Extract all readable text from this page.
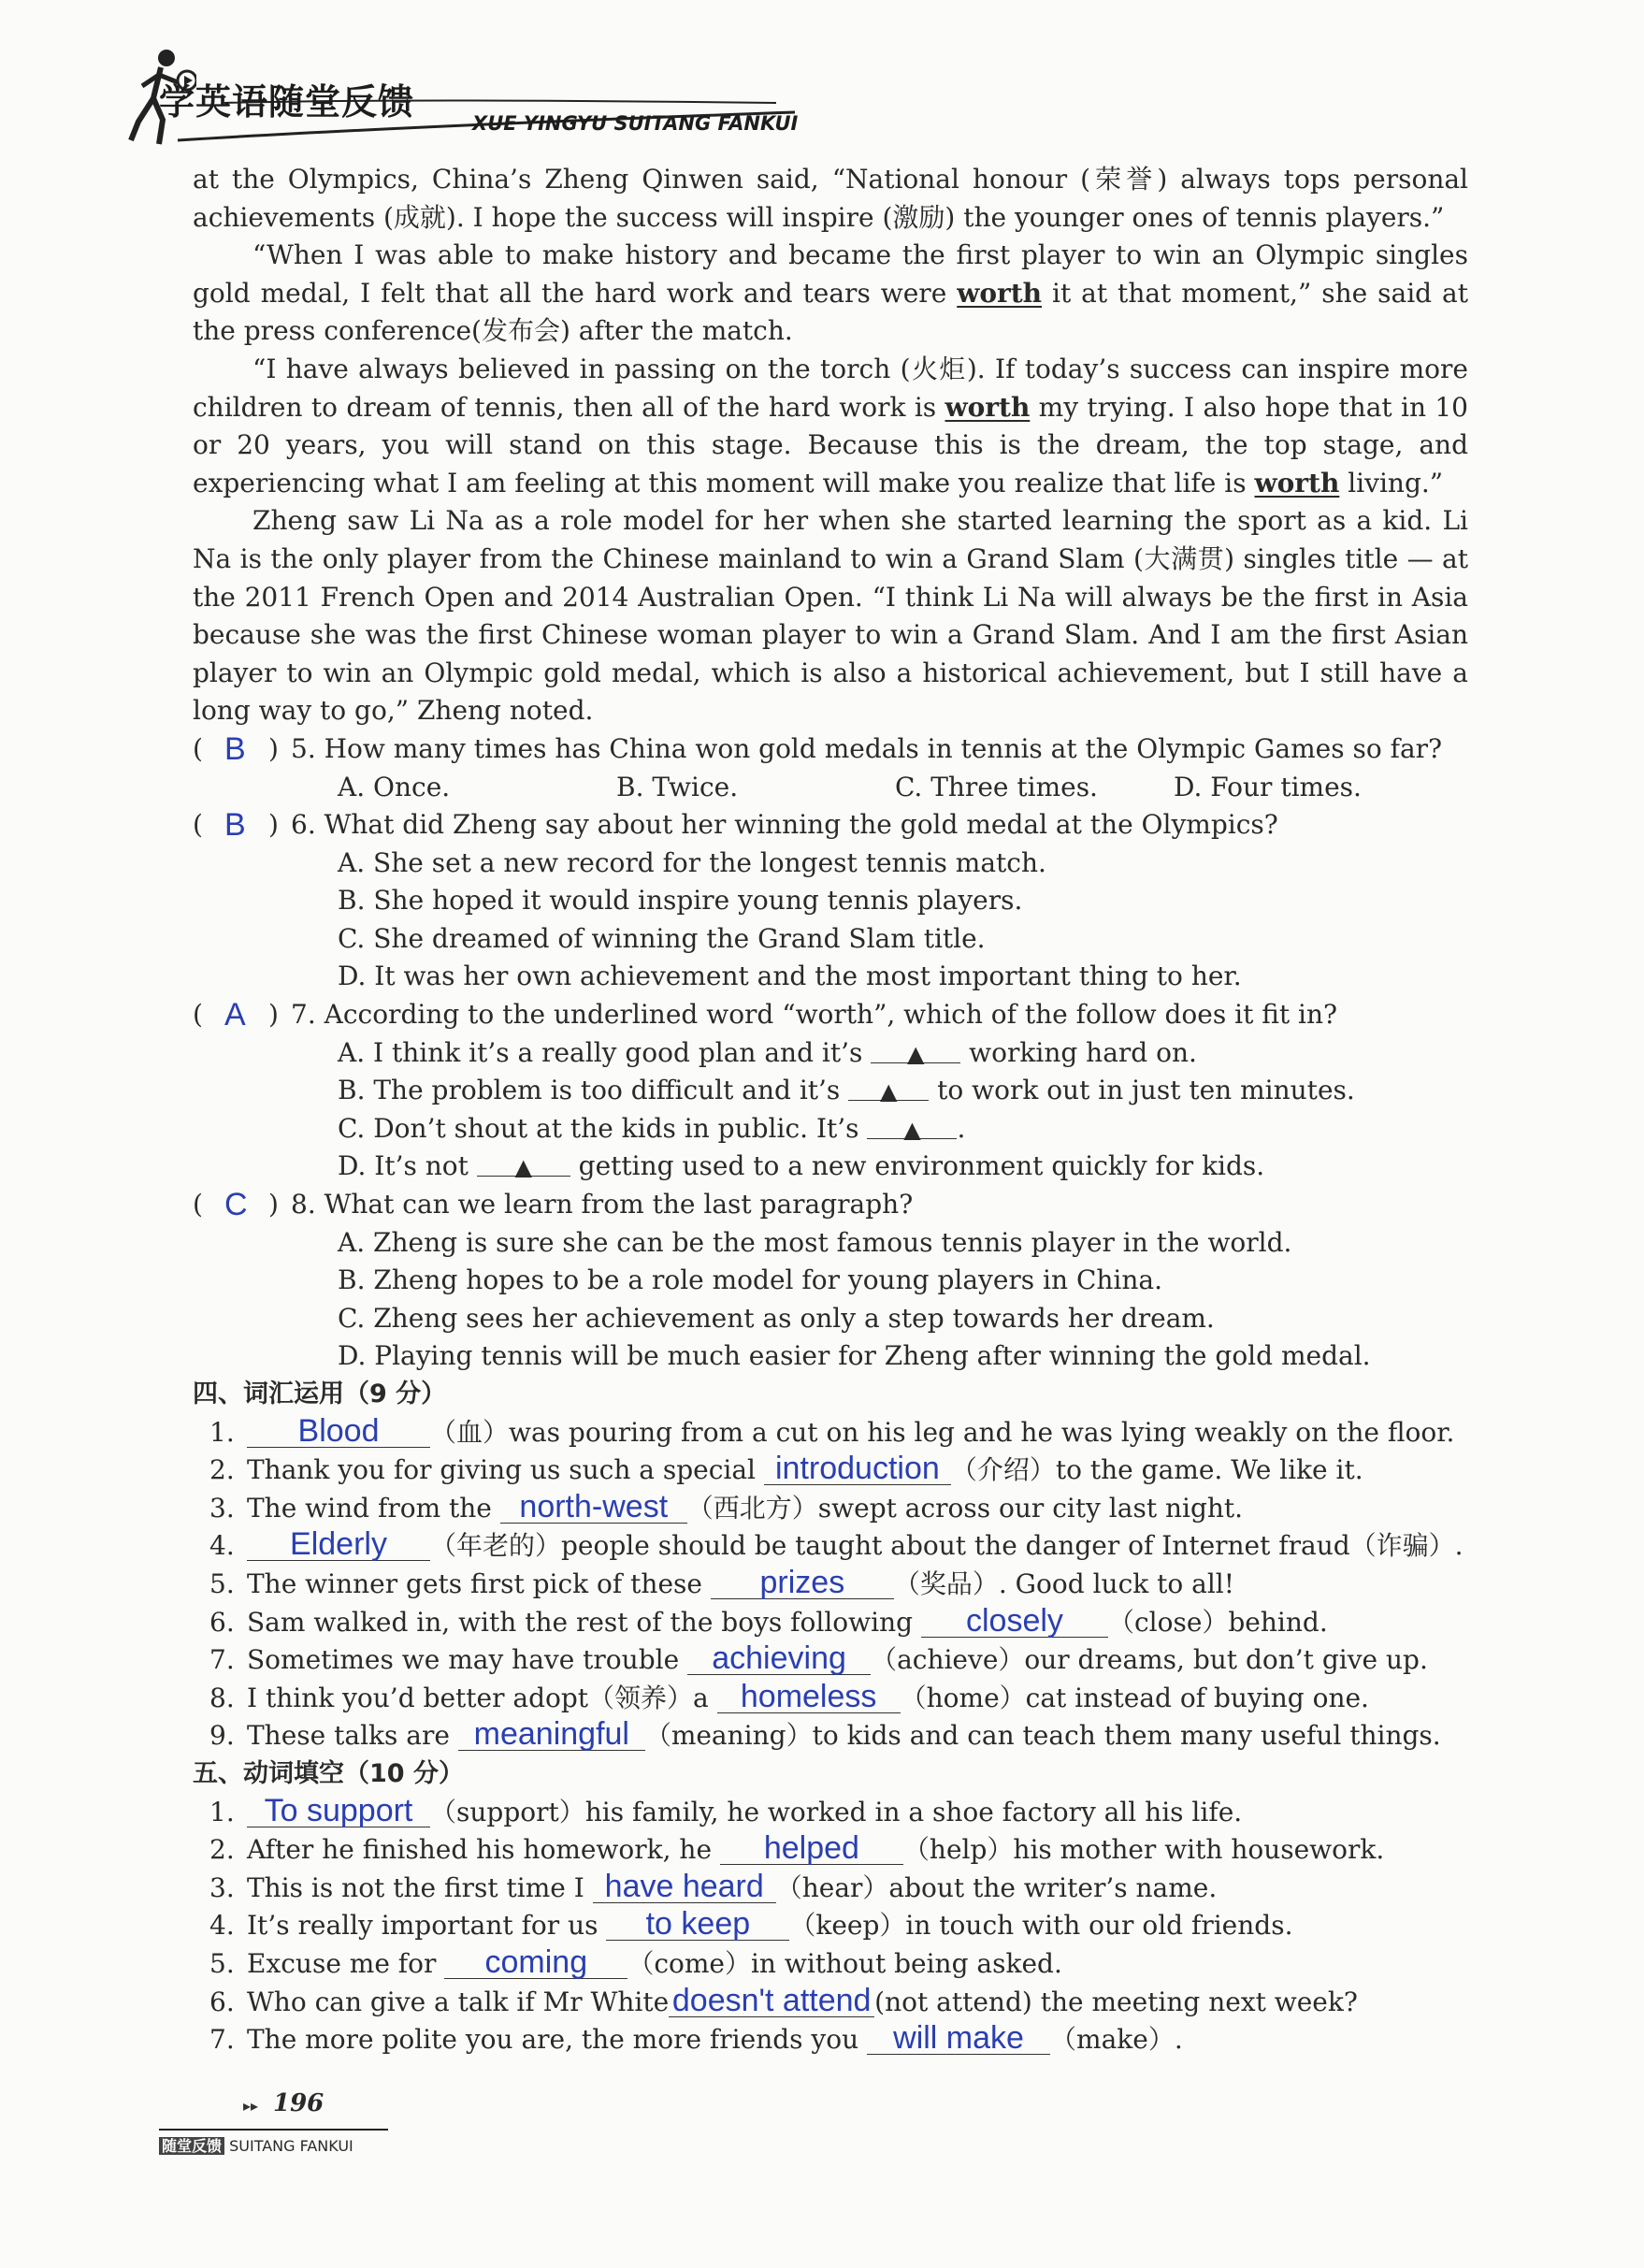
学英语随堂反馈
XUE YINGYU SUITANG FANKUI

at the Olympics, China’s Zheng Qinwen said, “National honour (荣誉) always tops personal achievements (成就). I hope the success will inspire (激励) the younger ones of tennis players.”

“When I was able to make history and became the first player to win an Olympic singles gold medal, I felt that all the hard work and tears were worth it at that moment,” she said at the press conference(发布会) after the match.

“I have always believed in passing on the torch (火炬). If today’s success can inspire more children to dream of tennis, then all of the hard work is worth my trying. I also hope that in 10 or 20 years, you will stand on this stage. Because this is the dream, the top stage, and experiencing what I am feeling at this moment will make you realize that life is worth living.”

Zheng saw Li Na as a role model for her when she started learning the sport as a kid. Li Na is the only player from the Chinese mainland to win a Grand Slam (大满贯) singles title — at the 2011 French Open and 2014 Australian Open. “I think Li Na will always be the first in Asia because she was the first Chinese woman player to win a Grand Slam. And I am the first Asian player to win an Olympic gold medal, which is also a historical achievement, but I still have a long way to go,” Zheng noted.

(	)
B	5. How many times has China won gold medals in tennis at the Olympic Games so far?
A. Once.	B. Twice.	C. Three times.	D. Four times.
(	)
B	6. What did Zheng say about her winning the gold medal at the Olympics?

A. She set a new record for the longest tennis match.

B. She hoped it would inspire young tennis players.

C. She dreamed of winning the Grand Slam title.

D. It was her own achievement and the most important thing to her.

(	)
A	7. According to the underlined word “worth”, which of the follow does it fit in?

A. I think it’s a really good plan and it’s ▲ working hard on.

B. The problem is too difficult and it’s ▲ to work out in just ten minutes.

C. Don’t shout at the kids in public. It’s ▲ .

D. It’s not ▲ getting used to a new environment quickly for kids.

(	)
C	8. What can we learn from the last paragraph?

A. Zheng is sure she can be the most famous tennis player in the world.

B. Zheng hopes to be a role model for young players in China.

C. Zheng sees her achievement as only a step towards her dream.

D. Playing tennis will be much easier for Zheng after winning the gold medal.

四、词汇运用（9 分）

1. Blood （血）was pouring from a cut on his leg and he was lying weakly on the floor.

2. Thank you for giving us such a special introduction （介绍）to the game. We like it.

3. The wind from the north-west （西北方）swept across our city last night.

4. Elderly （年老的）people should be taught about the danger of Internet fraud（诈骗）.

5. The winner gets first pick of these prizes （奖品）. Good luck to all!

6. Sam walked in, with the rest of the boys following closely （close）behind.

7. Sometimes we may have trouble achieving （achieve）our dreams, but don’t give up.

8. I think you’d better adopt（领养）a homeless （home）cat instead of buying one.

9. These talks are meaningful （meaning）to kids and can teach them many useful things.

五、动词填空（10 分）

1. To support （support）his family, he worked in a shoe factory all his life.

2. After he finished his homework, he helped （help）his mother with housework.

3. This is not the first time I have heard （hear）about the writer’s name.

4. It’s really important for us to keep （keep）in touch with our old friends.

5. Excuse me for coming （come）in without being asked.

6. Who can give a talk if Mr White doesn't attend (not attend) the meeting next week?

7. The more polite you are, the more friends you will make （make）.

▸▸ 196
随堂反馈 SUITANG FANKUI
